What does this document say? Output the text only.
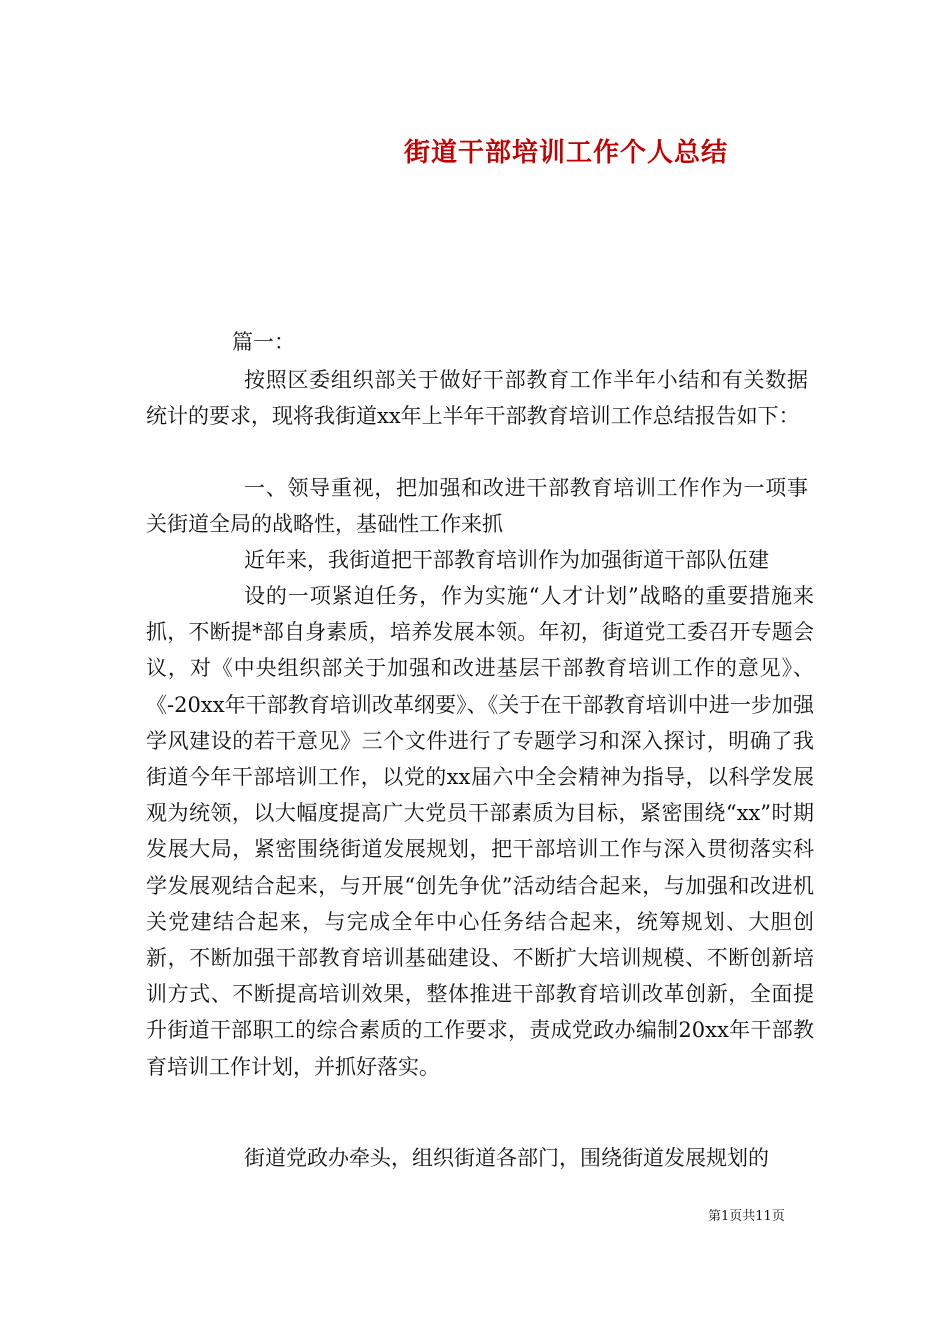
街道干部培训工作个人总结
篇一：
按照区委组织部关于做好干部教育工作半年小结和有关数据统计的要求，现将我街道xx年上半年干部教育培训工作总结报告如下：
一、领导重视，把加强和改进干部教育培训工作作为一项事关街道全局的战略性，基础性工作来抓
近年来，我街道把干部教育培训作为加强街道干部队伍建
设的一项紧迫任务，作为实施“人才计划”战略的重要措施来抓，不断提*部自身素质，培养发展本领。年初，街道党工委召开专题会议，对《中央组织部关于加强和改进基层干部教育培训工作的意见》、《-20xx年干部教育培训改革纲要》、《关于在干部教育培训中进一步加强学风建设的若干意见》三个文件进行了专题学习和深入探讨，明确了我街道今年干部培训工作，以党的xx届六中全会精神为指导，以科学发展观为统领，以大幅度提高广大党员干部素质为目标，紧密围绕“xx”时期发展大局，紧密围绕街道发展规划，把干部培训工作与深入贯彻落实科学发展观结合起来，与开展“创先争优”活动结合起来，与加强和改进机关党建结合起来，与完成全年中心任务结合起来，统筹规划、大胆创新，不断加强干部教育培训基础建设、不断扩大培训规模、不断创新培训方式、不断提高培训效果，整体推进干部教育培训改革创新，全面提升街道干部职工的综合素质的工作要求，责成党政办编制20xx年干部教育培训工作计划，并抓好落实。
街道党政办牵头，组织街道各部门，围绕街道发展规划的
第1页共11页
